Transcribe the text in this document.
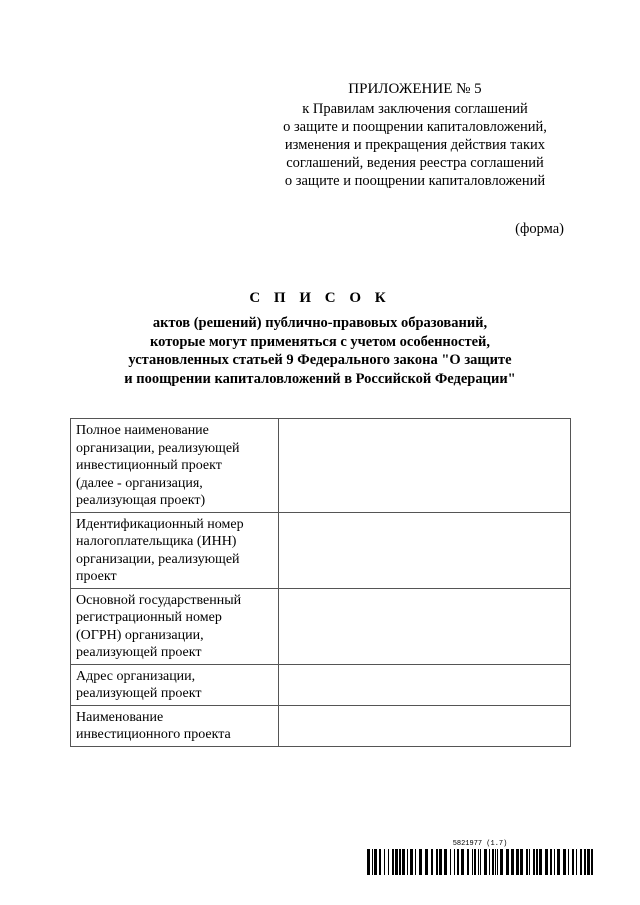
ПРИЛОЖЕНИЕ № 5
к Правилам заключения соглашений
о защите и поощрении капиталовложений,
изменения и прекращения действия таких
соглашений, ведения реестра соглашений
о защите и поощрении капиталовложений
(форма)
С П И С О К
актов (решений) публично-правовых образований,
которые могут применяться с учетом особенностей,
установленных статьей 9 Федерального закона "О защите
и поощрении капиталовложений в Российской Федерации"
Полное наименование
организации, реализующей
инвестиционный проект
(далее - организация,
реализующая проект)	

Идентификационный номер
налогоплательщика (ИНН)
организации, реализующей
проект	

Основной государственный
регистрационный номер
(ОГРН) организации,
реализующей проект	

Адрес организации,
реализующей проект	

Наименование
инвестиционного проекта	

5821977 (1.7)
